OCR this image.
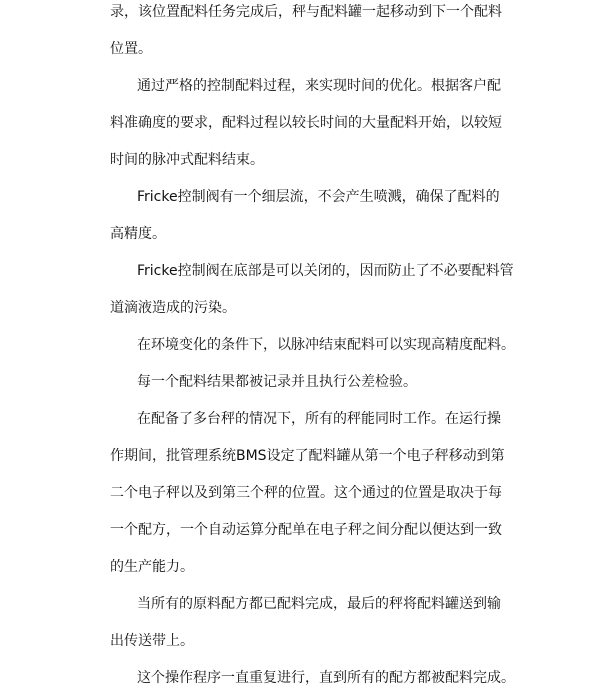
录，该位置配料任务完成后，秤与配料罐一起移动到下一个配料
位置。
通过严格的控制配料过程，来实现时间的优化。根据客户配
料准确度的要求，配料过程以较长时间的大量配料开始，以较短
时间的脉冲式配料结束。
Fricke控制阀有一个细层流，不会产生喷溅，确保了配料的
高精度。
Fricke控制阀在底部是可以关闭的，因而防止了不必要配料管
道滴液造成的污染。
在环境变化的条件下，以脉冲结束配料可以实现高精度配料。
每一个配料结果都被记录并且执行公差检验。
在配备了多台秤的情况下，所有的秤能同时工作。在运行操
作期间，批管理系统BMS设定了配料罐从第一个电子秤移动到第
二个电子秤以及到第三个秤的位置。这个通过的位置是取决于每
一个配方，一个自动运算分配单在电子秤之间分配以便达到一致
的生产能力。
当所有的原料配方都已配料完成，最后的秤将配料罐送到输
出传送带上。
这个操作程序一直重复进行，直到所有的配方都被配料完成。
